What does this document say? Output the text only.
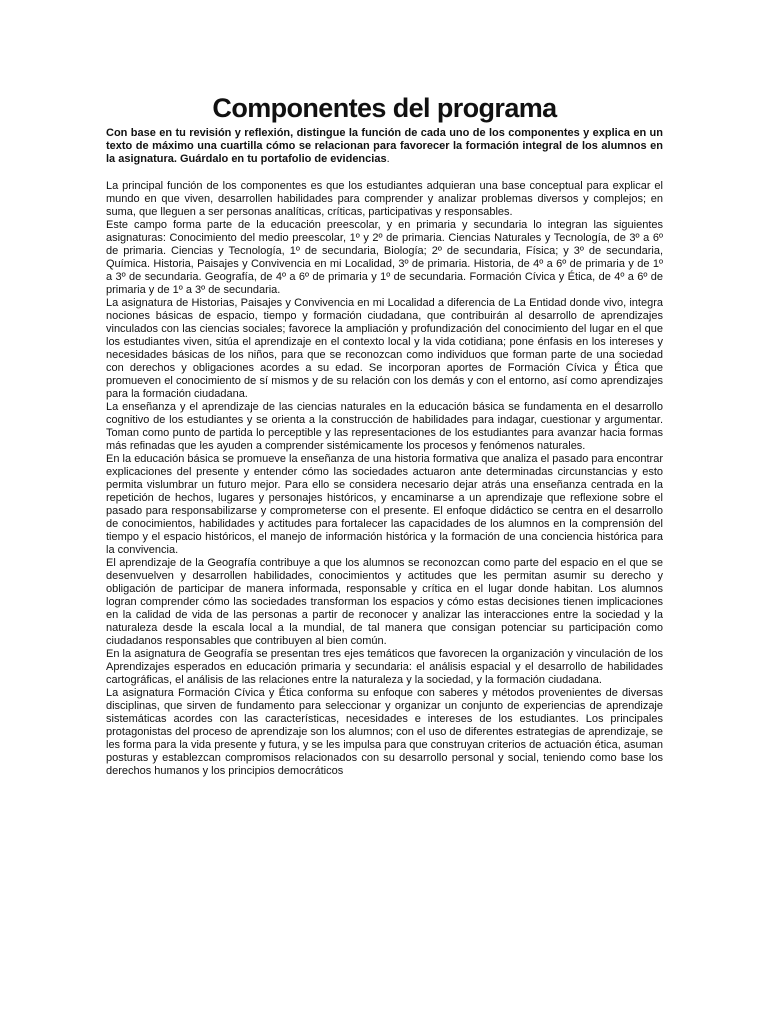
Componentes del programa

Con base en tu revisión y reflexión, distingue la función de cada uno de los componentes y explica en un texto de máximo una cuartilla cómo se relacionan para favorecer la formación integral de los alumnos en la asignatura. Guárdalo en tu portafolio de evidencias.

La principal función de los componentes es que los estudiantes adquieran una base conceptual para explicar el mundo en que viven, desarrollen habilidades para comprender y analizar problemas diversos y complejos; en suma, que lleguen a ser personas analíticas, críticas, participativas y responsables.

Este campo forma parte de la educación preescolar, y en primaria y secundaria lo integran las siguientes asignaturas: Conocimiento del medio preescolar, 1º y 2º de primaria. Ciencias Naturales y Tecnología, de 3º a 6º de primaria. Ciencias y Tecnología, 1º de secundaria, Biología; 2º de secundaria, Física; y 3º de secundaria, Química. Historia, Paisajes y Convivencia en mi Localidad, 3º de primaria. Historia, de 4º a 6º de primaria y de 1º a 3º de secundaria. Geografía, de 4º a 6º de primaria y 1º de secundaria. Formación Cívica y Ética, de 4º a 6º de primaria y de 1º a 3º de secundaria.

La asignatura de Historias, Paisajes y Convivencia en mi Localidad a diferencia de La Entidad donde vivo, integra nociones básicas de espacio, tiempo y formación ciudadana, que contribuirán al desarrollo de aprendizajes vinculados con las ciencias sociales; favorece la ampliación y profundización del conocimiento del lugar en el que los estudiantes viven, sitúa el aprendizaje en el contexto local y la vida cotidiana; pone énfasis en los intereses y necesidades básicas de los niños, para que se reconozcan como individuos que forman parte de una sociedad con derechos y obligaciones acordes a su edad. Se incorporan aportes de Formación Cívica y Ética que promueven el conocimiento de sí mismos y de su relación con los demás y con el entorno, así como aprendizajes para la formación ciudadana.

La enseñanza y el aprendizaje de las ciencias naturales en la educación básica se fundamenta en el desarrollo cognitivo de los estudiantes y se orienta a la construcción de habilidades para indagar, cuestionar y argumentar. Toman como punto de partida lo perceptible y las representaciones de los estudiantes para avanzar hacia formas más refinadas que les ayuden a comprender sistémicamente los procesos y fenómenos naturales.

En la educación básica se promueve la enseñanza de una historia formativa que analiza el pasado para encontrar explicaciones del presente y entender cómo las sociedades actuaron ante determinadas circunstancias y esto permita vislumbrar un futuro mejor. Para ello se considera necesario dejar atrás una enseñanza centrada en la repetición de hechos, lugares y personajes históricos, y encaminarse a un aprendizaje que reflexione sobre el pasado para responsabilizarse y comprometerse con el presente. El enfoque didáctico se centra en el desarrollo de conocimientos, habilidades y actitudes para fortalecer las capacidades de los alumnos en la comprensión del tiempo y el espacio históricos, el manejo de información histórica y la formación de una conciencia histórica para la convivencia.

El aprendizaje de la Geografía contribuye a que los alumnos se reconozcan como parte del espacio en el que se desenvuelven y desarrollen habilidades, conocimientos y actitudes que les permitan asumir su derecho y obligación de participar de manera informada, responsable y crítica en el lugar donde habitan. Los alumnos logran comprender cómo las sociedades transforman los espacios y cómo estas decisiones tienen implicaciones en la calidad de vida de las personas a partir de reconocer y analizar las interacciones entre la sociedad y la naturaleza desde la escala local a la mundial, de tal manera que consigan potenciar su participación como ciudadanos responsables que contribuyen al bien común.

En la asignatura de Geografía se presentan tres ejes temáticos que favorecen la organización y vinculación de los Aprendizajes esperados en educación primaria y secundaria: el análisis espacial y el desarrollo de habilidades cartográficas, el análisis de las relaciones entre la naturaleza y la sociedad, y la formación ciudadana.

La asignatura Formación Cívica y Ética conforma su enfoque con saberes y métodos provenientes de diversas disciplinas, que sirven de fundamento para seleccionar y organizar un conjunto de experiencias de aprendizaje sistemáticas acordes con las características, necesidades e intereses de los estudiantes. Los principales protagonistas del proceso de aprendizaje son los alumnos; con el uso de diferentes estrategias de aprendizaje, se les forma para la vida presente y futura, y se les impulsa para que construyan criterios de actuación ética, asuman posturas y establezcan compromisos relacionados con su desarrollo personal y social, teniendo como base los derechos humanos y los principios democráticos
